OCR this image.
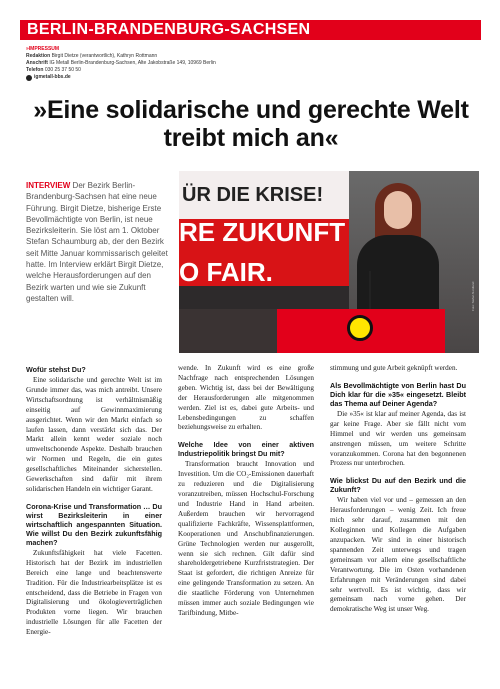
BERLIN-BRANDENBURG-SACHSEN
»IMPRESSUM
Redaktion Birgit Dietze (verantwortlich), Kathryn Rottmann
Anschrift IG Metall Berlin-Brandenburg-Sachsen, Alte Jakobstraße 149, 10969 Berlin
Telefon 030 25 37 50 50
igmetall-bbs.de
»Eine solidarische und gerechte Welt treibt mich an«
INTERVIEW Der Bezirk Berlin-Brandenburg-Sachsen hat eine neue Führung. Birgit Dietze, bisherige Erste Bevollmächtigte von Berlin, ist neue Bezirksleiterin. Sie löst am 1. Oktober Stefan Schaumburg ab, der den Bezirk seit Mitte Januar kommissarisch geleitet hatte. Im Interview erklärt Birgit Dietze, welche Herausforderungen auf den Bezirk warten und wie sie Zukunft gestalten will.
ÜR DIE KRISE!
RE ZUKUNFT
O FAIR.
Foto: Stefan Nordlund
Wofür stehst Du?

Eine solidarische und gerechte Welt ist im Grunde immer das, was mich antreibt. Unsere Wirtschaftsordnung ist verhältnismäßig einseitig auf Gewinnmaximierung ausgerichtet. Wenn wir den Markt einfach so laufen lassen, dann verstärkt sich das. Der Markt allein kennt weder soziale noch umweltschonende Aspekte. Deshalb brauchen wir Normen und Regeln, die ein gutes gesellschaftliches Miteinander sicherstellen. Gewerkschaften sind dafür mit ihrem solidarischen Handeln ein wichtiger Garant.

Corona-Krise und Transformation … Du wirst Bezirksleiterin in einer wirtschaftlich angespannten Situation. Wie willst Du den Bezirk zukunftsfähig machen?

Zukunftsfähigkeit hat viele Facetten. Historisch hat der Bezirk im industriellen Bereich eine lange und beachtenswerte Tradition. Für die Industriearbeitsplätze ist es entscheidend, dass die Betriebe in Fragen von Digitalisierung und ökologieverträglichen Produkten vorne liegen. Wir brauchen industrielle Lösungen für alle Facetten der Energie-

wende. In Zukunft wird es eine große Nachfrage nach entsprechenden Lösungen geben. Wichtig ist, dass bei der Bewältigung der Herausforderungen alle mitgenommen werden. Ziel ist es, dabei gute Arbeits- und Lebensbedingungen zu schaffen beziehungsweise zu erhalten.

Welche Idee von einer aktiven Industriepolitik bringst Du mit?

Transformation braucht Innovation und Investition. Um die CO₂-Emissionen dauerhaft zu reduzieren und die Digitalisierung voranzutreiben, müssen Hochschul-Forschung und Industrie Hand in Hand arbeiten. Außerdem brauchen wir hervorragend qualifizierte Fachkräfte, Wissensplattformen, Kooperationen und Anschubfinanzierungen. Grüne Technologien werden nur ausgerollt, wenn sie sich rechnen. Gilt dafür sind shareholdergetriebene Kurzfriststrategien. Der Staat ist gefordert, die richtigen Anreize für eine gelingende Transformation zu setzen. An die staatliche Förderung von Unternehmen müssen immer auch soziale Bedingungen wie Tarifbindung, Mitbe-

stimmung und gute Arbeit geknüpft werden.

Als Bevollmächtigte von Berlin hast Du Dich klar für die »35« eingesetzt. Bleibt das Thema auf Deiner Agenda?

Die »35« ist klar auf meiner Agenda, das ist gar keine Frage. Aber sie fällt nicht vom Himmel und wir werden uns gemeinsam anstrengen müssen, um weitere Schritte voranzukommen. Corona hat den begonnenen Prozess nur unterbrochen.

Wie blickst Du auf den Bezirk und die Zukunft?

Wir haben viel vor und – gemessen an den Herausforderungen – wenig Zeit. Ich freue mich sehr darauf, zusammen mit den Kolleginnen und Kollegen die Aufgaben anzupacken. Wir sind in einer historisch spannenden Zeit unterwegs und tragen gemeinsam vor allem eine gesellschaftliche Verantwortung. Die im Osten vorhandenen Erfahrungen mit Veränderungen sind dabei sehr wertvoll. Es ist wichtig, dass wir gemeinsam nach vorne gehen. Der demokratische Weg ist unser Weg.
